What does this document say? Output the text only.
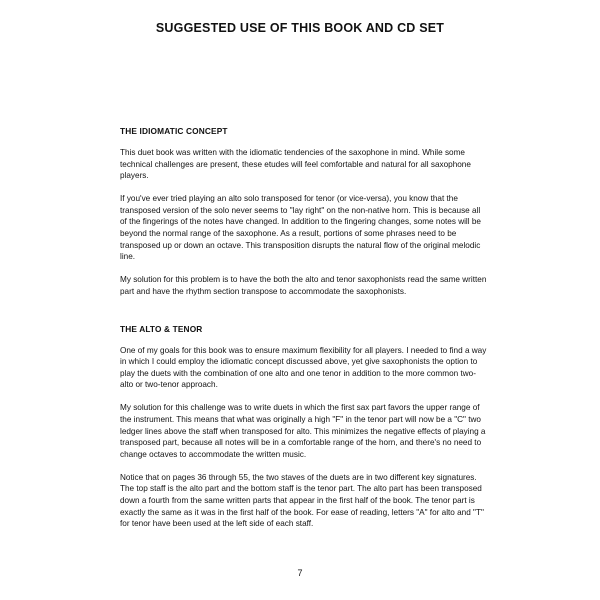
SUGGESTED USE OF THIS BOOK AND CD SET
THE IDIOMATIC CONCEPT

This duet book was written with the idiomatic tendencies of the saxophone in mind. While some technical challenges are present, these etudes will feel comfortable and natural for all saxophone players.

If you've ever tried playing an alto solo transposed for tenor (or vice-versa), you know that the transposed version of the solo never seems to "lay right" on the non-native horn. This is because all of the fingerings of the notes have changed. In addition to the fingering changes, some notes will be beyond the normal range of the saxophone. As a result, portions of some phrases need to be transposed up or down an octave. This transposition disrupts the natural flow of the original melodic line.

My solution for this problem is to have the both the alto and tenor saxophonists read the same written part and have the rhythm section transpose to accommodate the saxophonists.

THE ALTO & TENOR

One of my goals for this book was to ensure maximum flexibility for all players. I needed to find a way in which I could employ the idiomatic concept discussed above, yet give saxophonists the option to play the duets with the combination of one alto and one tenor in addition to the more common two-alto or two-tenor approach.

My solution for this challenge was to write duets in which the first sax part favors the upper range of the instrument. This means that what was originally a high "F" in the tenor part will now be a "C" two ledger lines above the staff when transposed for alto. This minimizes the negative effects of playing a transposed part, because all notes will be in a comfortable range of the horn, and there's no need to change octaves to accommodate the written music.

Notice that on pages 36 through 55, the two staves of the duets are in two different key signatures. The top staff is the alto part and the bottom staff is the tenor part. The alto part has been transposed down a fourth from the same written parts that appear in the first half of the book. The tenor part is exactly the same as it was in the first half of the book. For ease of reading, letters "A" for alto and "T" for tenor have been used at the left side of each staff.

7
